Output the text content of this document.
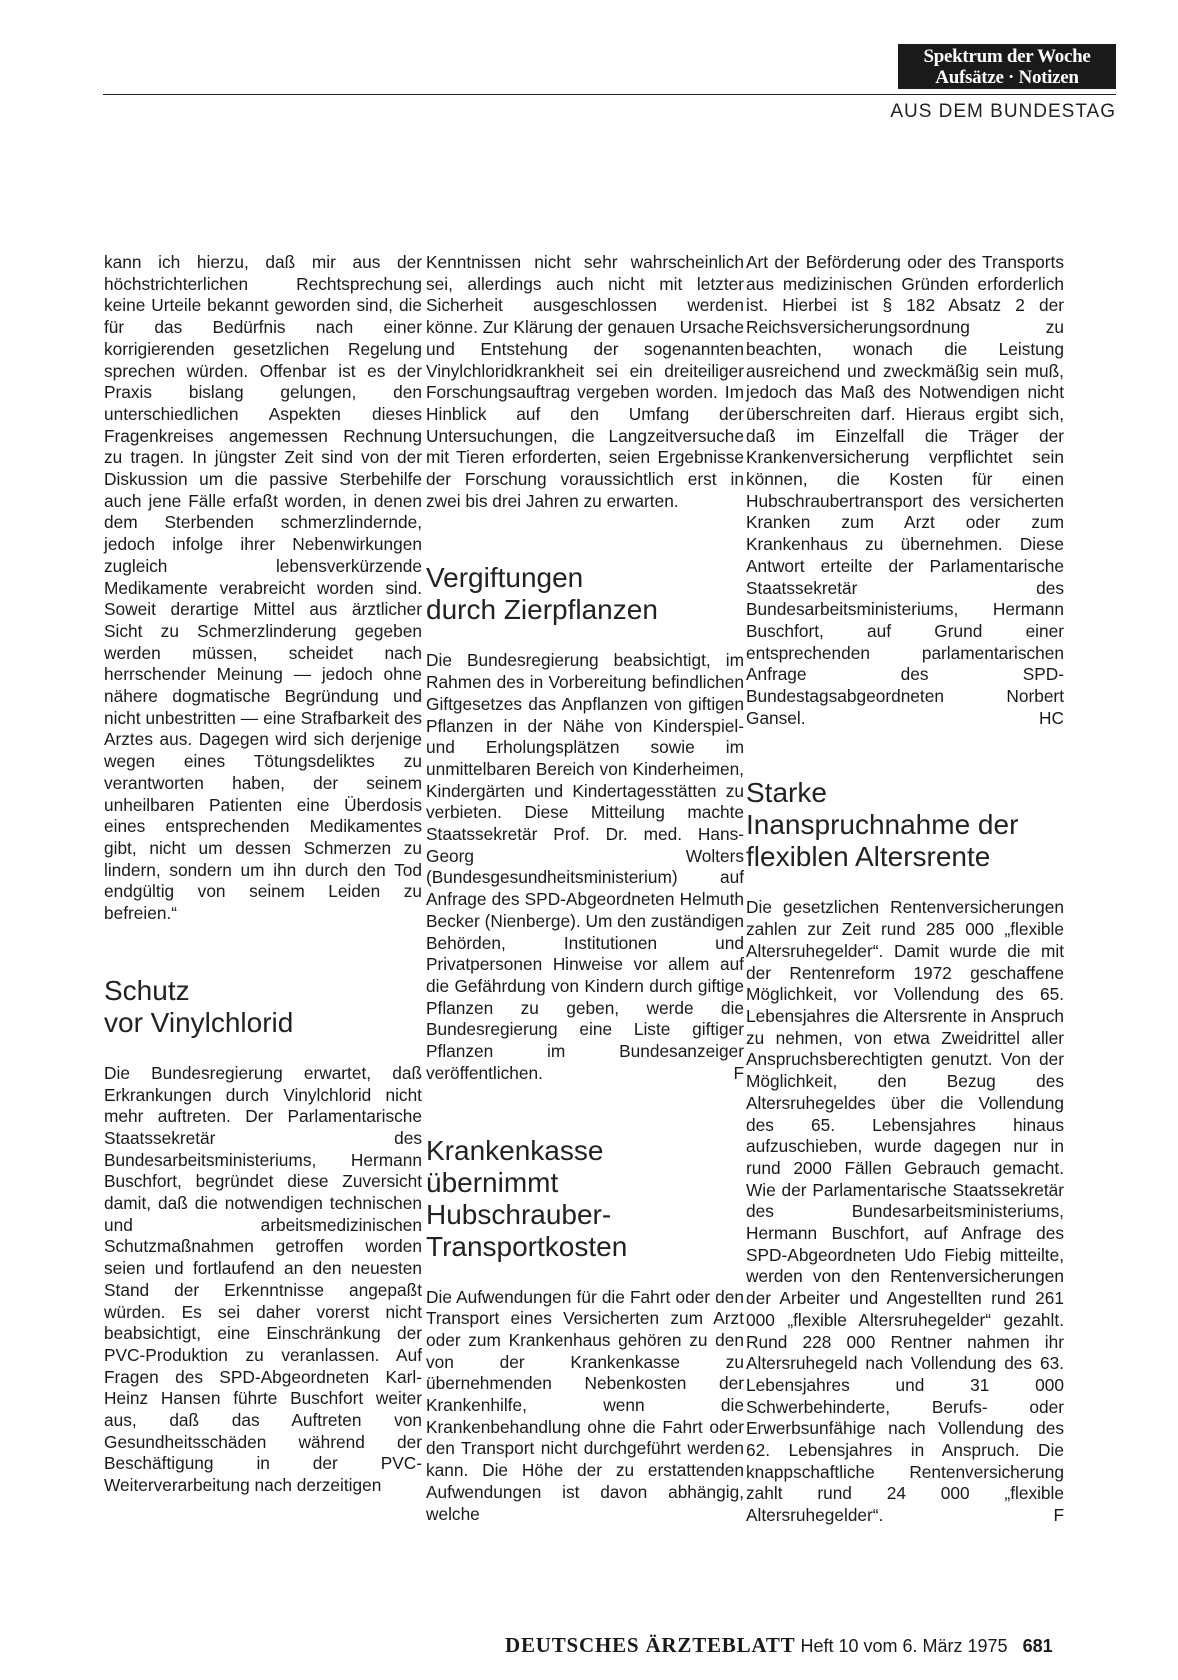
Spektrum der Woche
Aufsätze · Notizen
AUS DEM BUNDESTAG

kann ich hierzu, daß mir aus der höchstrichterlichen Rechtsprechung keine Urteile bekannt geworden sind, die für das Bedürfnis nach einer korrigierenden gesetzlichen Regelung sprechen würden. Offenbar ist es der Praxis bislang gelungen, den unterschiedlichen Aspekten dieses Fragenkreises angemessen Rechnung zu tragen. In jüngster Zeit sind von der Diskussion um die passive Sterbehilfe auch jene Fälle erfaßt worden, in denen dem Sterbenden schmerzlindernde, jedoch infolge ihrer Nebenwirkungen zugleich lebensverkürzende Medikamente verabreicht worden sind. Soweit derartige Mittel aus ärztlicher Sicht zu Schmerzlinderung gegeben werden müssen, scheidet nach herrschender Meinung — jedoch ohne nähere dogmatische Begründung und nicht unbestritten — eine Strafbarkeit des Arztes aus. Dagegen wird sich derjenige wegen eines Tötungsdeliktes zu verantworten haben, der seinem unheilbaren Patienten eine Überdosis eines entsprechenden Medikamentes gibt, nicht um dessen Schmerzen zu lindern, sondern um ihn durch den Tod endgültig von seinem Leiden zu befreien.“

Schutz
vor Vinylchlorid

Die Bundesregierung erwartet, daß Erkrankungen durch Vinylchlorid nicht mehr auftreten. Der Parlamentarische Staatssekretär des Bundesarbeitsministeriums, Hermann Buschfort, begründet diese Zuversicht damit, daß die notwendigen technischen und arbeitsmedizinischen Schutzmaßnahmen getroffen worden seien und fortlaufend an den neuesten Stand der Erkenntnisse angepaßt würden. Es sei daher vorerst nicht beabsichtigt, eine Einschränkung der PVC-Produktion zu veranlassen. Auf Fragen des SPD-Abgeordneten Karl-Heinz Hansen führte Buschfort weiter aus, daß das Auftreten von Gesundheitsschäden während der Beschäftigung in der PVC-Weiterverarbeitung nach derzeitigen

Kenntnissen nicht sehr wahrscheinlich sei, allerdings auch nicht mit letzter Sicherheit ausgeschlossen werden könne. Zur Klärung der genauen Ursache und Entstehung der sogenannten Vinylchloridkrankheit sei ein dreiteiliger Forschungsauftrag vergeben worden. Im Hinblick auf den Umfang der Untersuchungen, die Langzeitversuche mit Tieren erforderten, seien Ergebnisse der Forschung voraussichtlich erst in zwei bis drei Jahren zu erwarten.

Vergiftungen
durch Zierpflanzen

Die Bundesregierung beabsichtigt, im Rahmen des in Vorbereitung befindlichen Giftgesetzes das Anpflanzen von giftigen Pflanzen in der Nähe von Kinderspiel- und Erholungsplätzen sowie im unmittelbaren Bereich von Kinderheimen, Kindergärten und Kindertagesstätten zu verbieten. Diese Mitteilung machte Staatssekretär Prof. Dr. med. Hans-Georg Wolters (Bundesgesundheitsministerium) auf Anfrage des SPD-Abgeordneten Helmuth Becker (Nienberge). Um den zuständigen Behörden, Institutionen und Privatpersonen Hinweise vor allem auf die Gefährdung von Kindern durch giftige Pflanzen zu geben, werde die Bundesregierung eine Liste giftiger Pflanzen im Bundesanzeiger veröffentlichen.	F

Krankenkasse
übernimmt
Hubschrauber-
Transportkosten

Die Aufwendungen für die Fahrt oder den Transport eines Versicherten zum Arzt oder zum Krankenhaus gehören zu den von der Krankenkasse zu übernehmenden Nebenkosten der Krankenhilfe, wenn die Krankenbehandlung ohne die Fahrt oder den Transport nicht durchgeführt werden kann. Die Höhe der zu erstattenden Aufwendungen ist davon abhängig, welche

Art der Beförderung oder des Transports aus medizinischen Gründen erforderlich ist. Hierbei ist § 182 Absatz 2 der Reichsversicherungsordnung zu beachten, wonach die Leistung ausreichend und zweckmäßig sein muß, jedoch das Maß des Notwendigen nicht überschreiten darf. Hieraus ergibt sich, daß im Einzelfall die Träger der Krankenversicherung verpflichtet sein können, die Kosten für einen Hubschraubertransport des versicherten Kranken zum Arzt oder zum Krankenhaus zu übernehmen. Diese Antwort erteilte der Parlamentarische Staatssekretär des Bundesarbeitsministeriums, Hermann Buschfort, auf Grund einer entsprechenden parlamentarischen Anfrage des SPD-Bundestagsabgeordneten Norbert Gansel.	HC

Starke
Inanspruchnahme der
flexiblen Altersrente

Die gesetzlichen Rentenversicherungen zahlen zur Zeit rund 285 000 „flexible Altersruhegelder“. Damit wurde die mit der Rentenreform 1972 geschaffene Möglichkeit, vor Vollendung des 65. Lebensjahres die Altersrente in Anspruch zu nehmen, von etwa Zweidrittel aller Anspruchsberechtigten genutzt. Von der Möglichkeit, den Bezug des Altersruhegeldes über die Vollendung des 65. Lebensjahres hinaus aufzuschieben, wurde dagegen nur in rund 2000 Fällen Gebrauch gemacht. Wie der Parlamentarische Staatssekretär des Bundesarbeitsministeriums, Hermann Buschfort, auf Anfrage des SPD-Abgeordneten Udo Fiebig mitteilte, werden von den Rentenversicherungen der Arbeiter und Angestellten rund 261 000 „flexible Altersruhegelder“ gezahlt. Rund 228 000 Rentner nahmen ihr Altersruhegeld nach Vollendung des 63. Lebensjahres und 31 000 Schwerbehinderte, Berufs- oder Erwerbsunfähige nach Vollendung des 62. Lebensjahres in Anspruch. Die knappschaftliche Rentenversicherung zahlt rund 24 000 „flexible Altersruhegelder“.	F

DEUTSCHES ÄRZTEBLATT Heft 10 vom 6. März 1975 681
